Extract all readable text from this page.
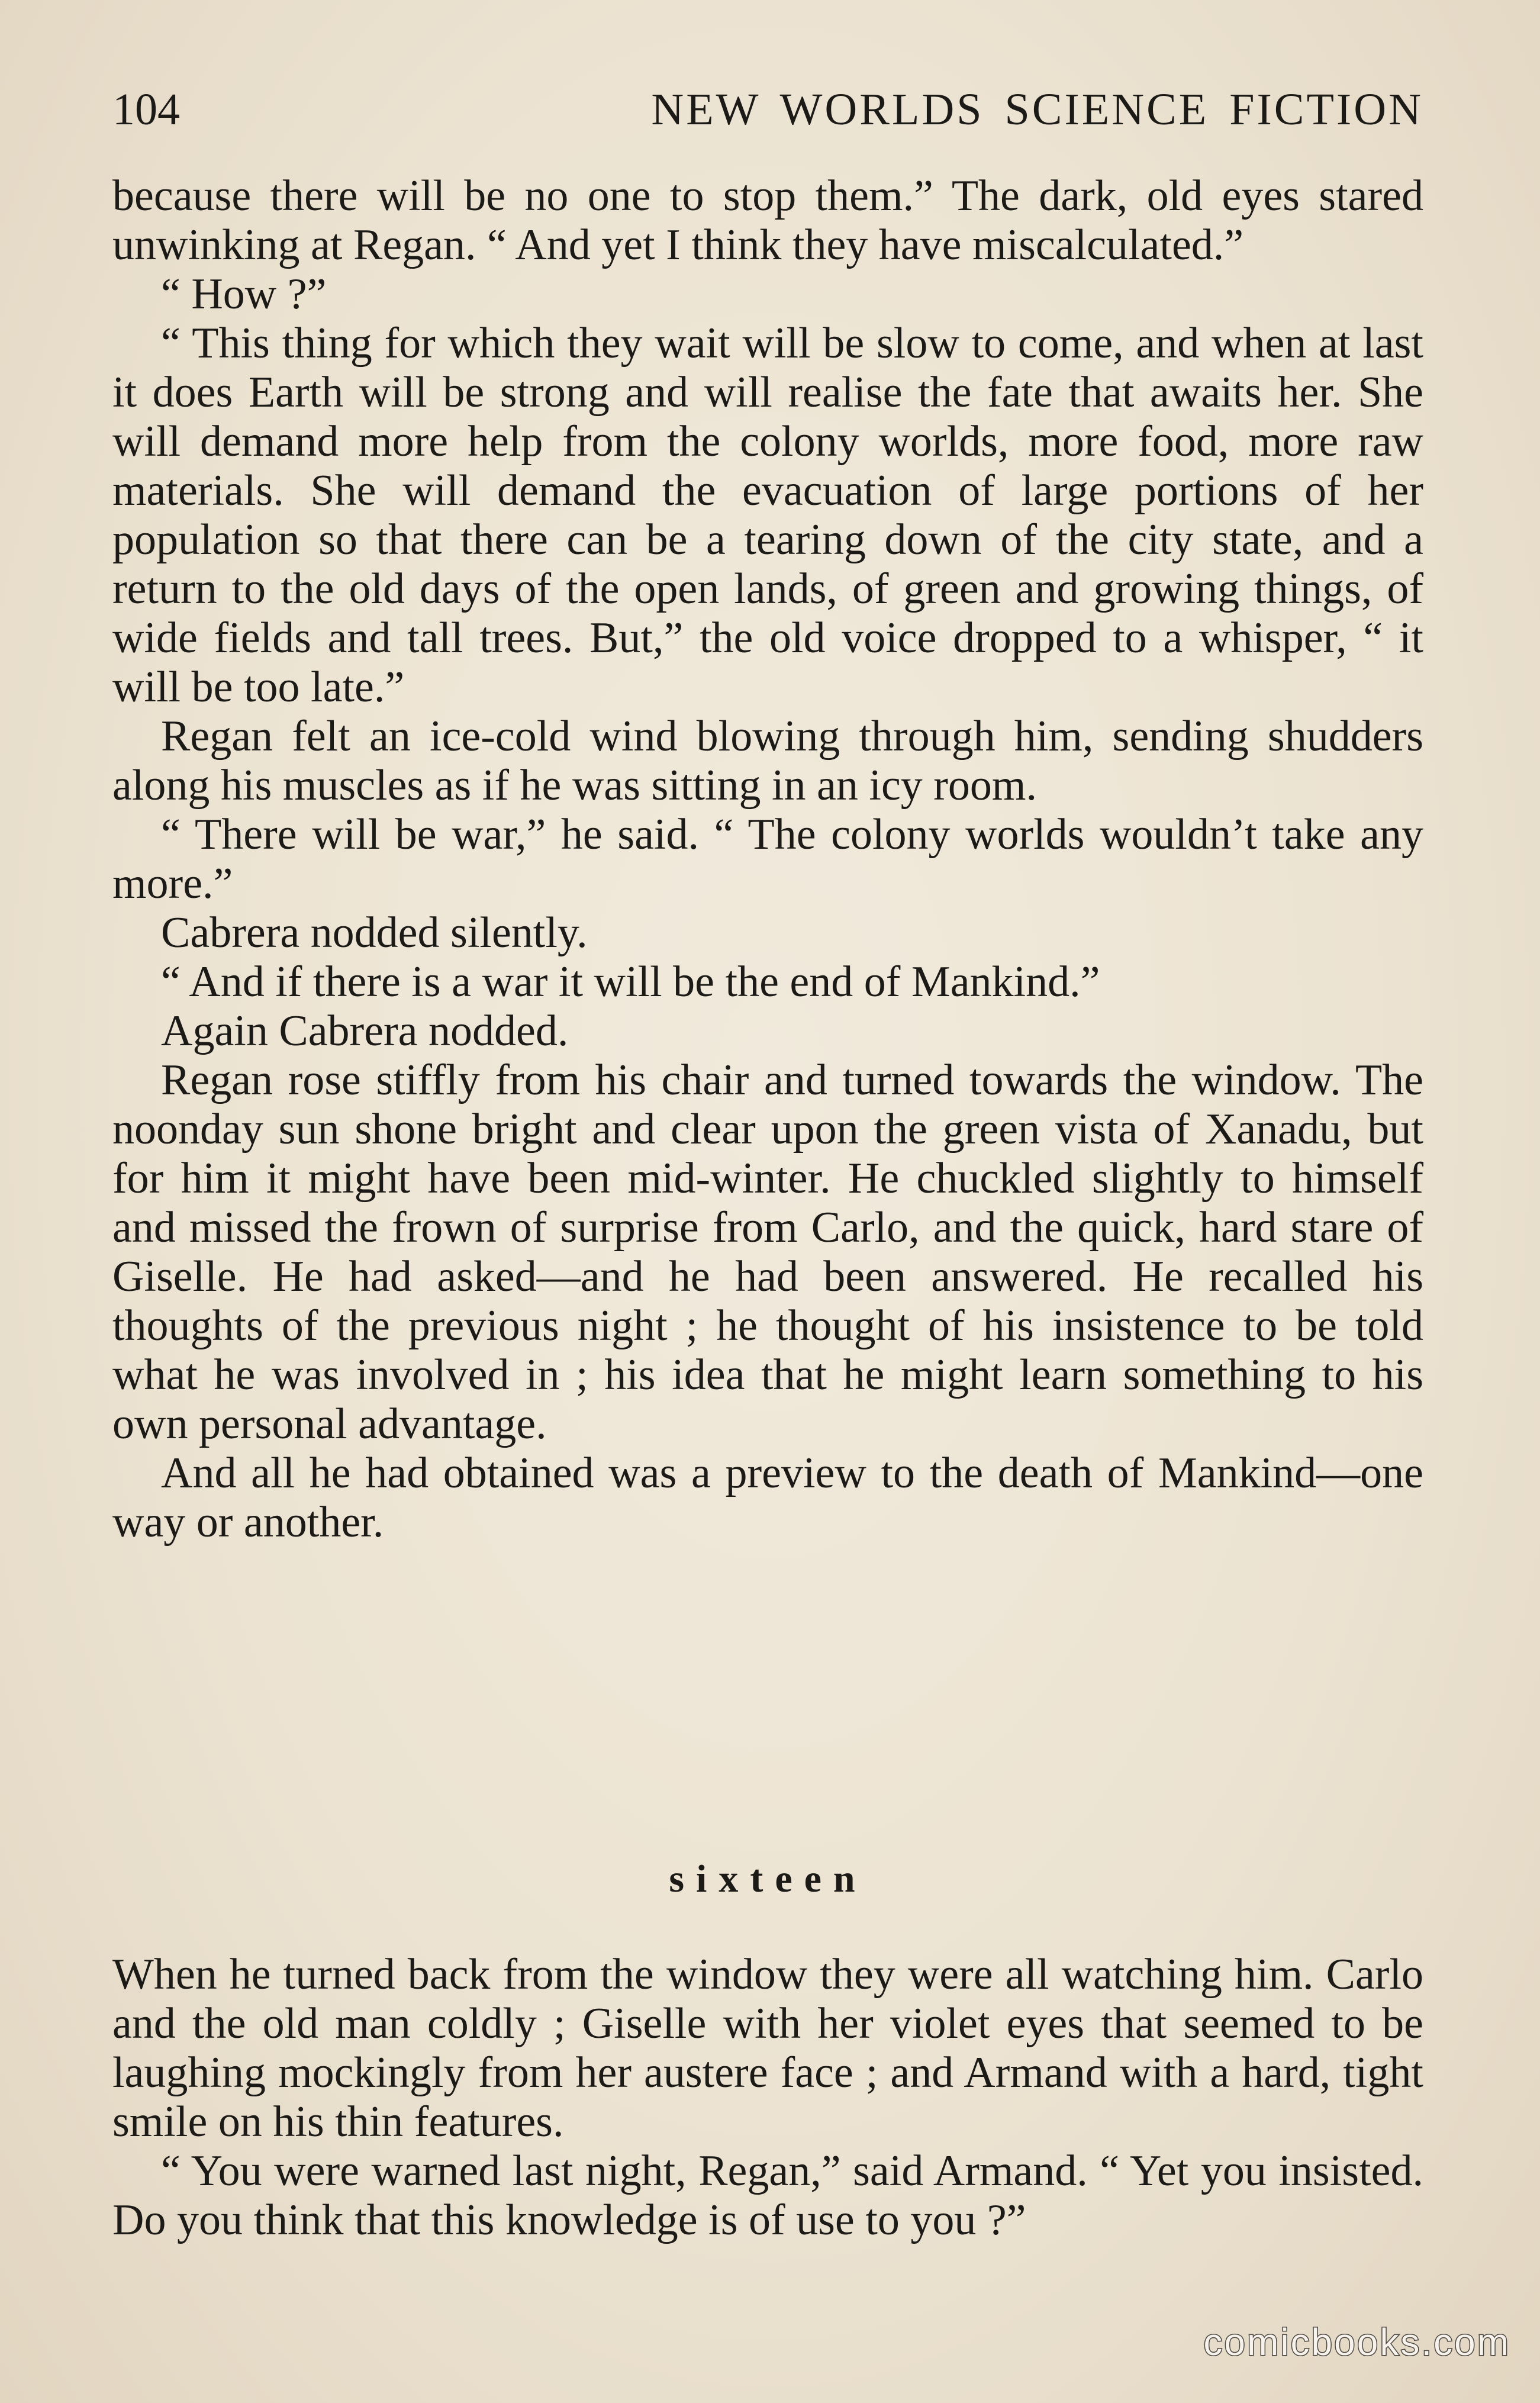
104	NEW WORLDS SCIENCE FICTION

because there will be no one to stop them.” The dark, old eyes stared unwinking at Regan. “ And yet I think they have miscalculated.”

“ How ?”

“ This thing for which they wait will be slow to come, and when at last it does Earth will be strong and will realise the fate that awaits her. She will demand more help from the colony worlds, more food, more raw materials. She will demand the evacuation of large portions of her population so that there can be a tearing down of the city state, and a return to the old days of the open lands, of green and growing things, of wide fields and tall trees. But,” the old voice dropped to a whisper, “ it will be too late.”

Regan felt an ice-cold wind blowing through him, sending shudders along his muscles as if he was sitting in an icy room.

“ There will be war,” he said. “ The colony worlds wouldn’t take any more.”

Cabrera nodded silently.

“ And if there is a war it will be the end of Mankind.”

Again Cabrera nodded.

Regan rose stiffly from his chair and turned towards the window. The noonday sun shone bright and clear upon the green vista of Xanadu, but for him it might have been mid-winter. He chuckled slightly to himself and missed the frown of surprise from Carlo, and the quick, hard stare of Giselle. He had asked—and he had been answered. He recalled his thoughts of the previous night ; he thought of his insistence to be told what he was involved in ; his idea that he might learn something to his own personal advantage.

And all he had obtained was a preview to the death of Mankind—one way or another.

sixteen

When he turned back from the window they were all watching him. Carlo and the old man coldly ; Giselle with her violet eyes that seemed to be laughing mockingly from her austere face ; and Armand with a hard, tight smile on his thin features.

“ You were warned last night, Regan,” said Armand. “ Yet you insisted. Do you think that this knowledge is of use to you ?”

comicbooks.com
